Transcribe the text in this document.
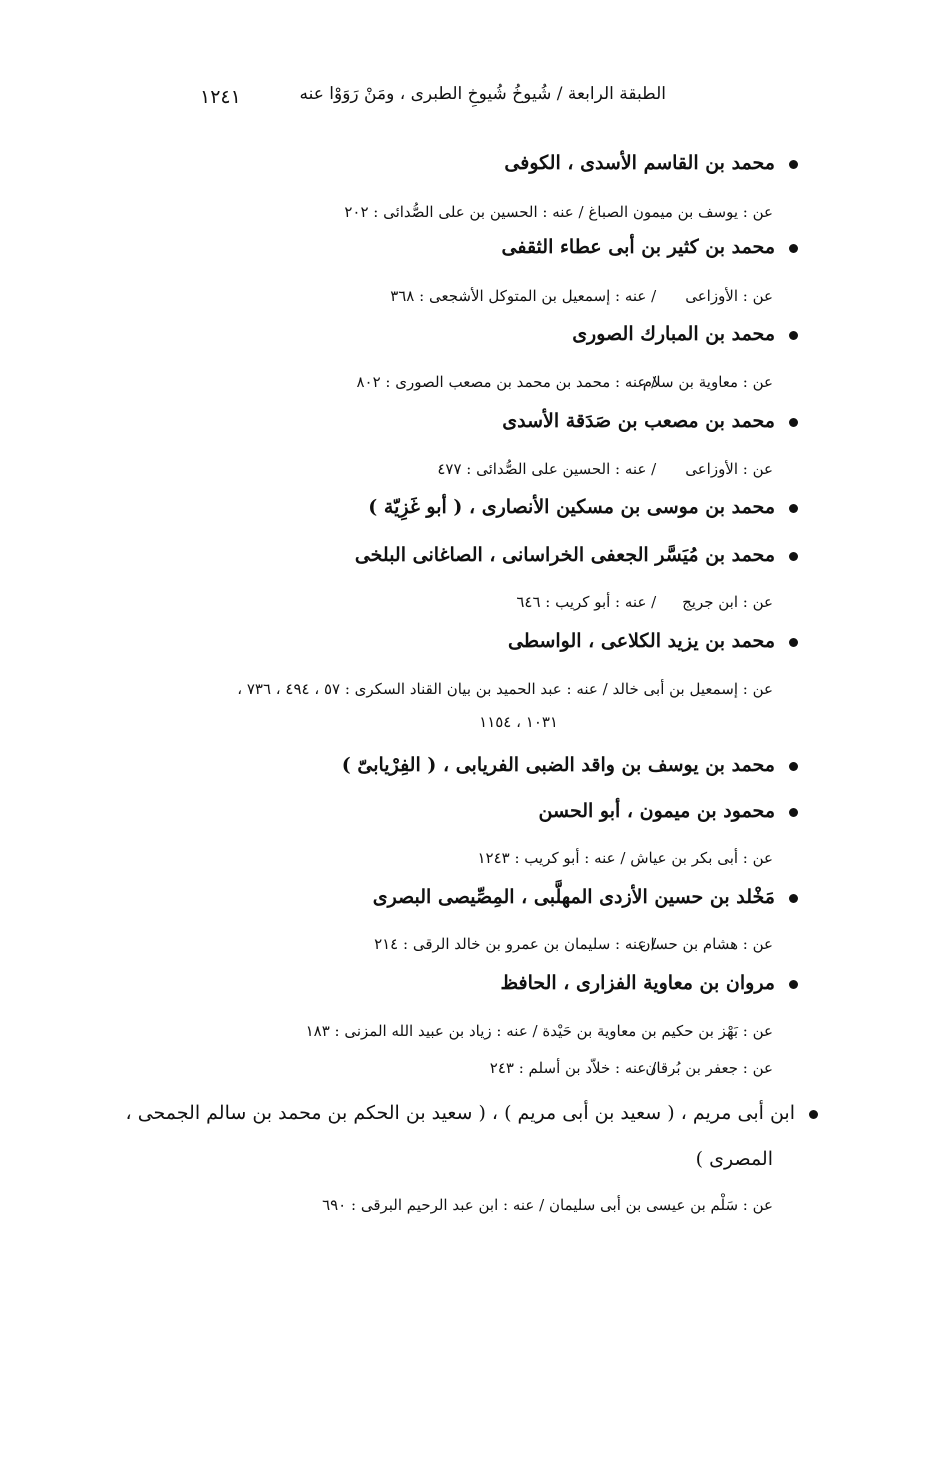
١٢٤١	الطبقة الرابعة / شُيوخُ شُيوخِ الطبرى ، ومَنْ رَوَوْا عنه
محمد بن القاسم الأسدى ، الكوفى
عن : يوسف بن ميمون الصباغ / عنه : الحسين بن على الصُّدائى : ٢٠٢
محمد بن كثير بن أبى عطاء الثقفى
عن : الأوزاعى / عنه : إسمعيل بن المتوكل الأشجعى : ٣٦٨
محمد بن المبارك الصورى
عن : معاوية بن سلام / عنه : محمد بن محمد بن مصعب الصورى : ٨٠٢
محمد بن مصعب بن صَدَقة الأسدى
عن : الأوزاعى / عنه : الحسين على الصُّدائى : ٤٧٧
محمد بن موسى بن مسكين الأنصارى ، ( أبو غَزِيّة )
محمد بن مُيَسَّر الجعفى الخراسانى ، الصاغانى البلخى
عن : ابن جريج / عنه : أبو كريب : ٦٤٦
محمد بن يزيد الكلاعى ، الواسطى
عن : إسمعيل بن أبى خالد / عنه : عبد الحميد بن بيان القناد السكرى : ٥٧ ، ٤٩٤ ، ٧٣٦ ،
١٠٣١ ، ١١٥٤
محمد بن يوسف بن واقد الضبى الفريابى ، ( الفِرْيابىّ )
محمود بن ميمون ، أبو الحسن
عن : أبى بكر بن عياش / عنه : أبو كريب : ١٢٤٣
مَخْلد بن حسين الأزدى المهلَّبى ، المِصِّيصى البصرى
عن : هشام بن حسان / عنه : سليمان بن عمرو بن خالد الرقى : ٢١٤
مروان بن معاوية الفزارى ، الحافظ
عن : بَهْز بن حكيم بن معاوية بن حَيْدة / عنه : زياد بن عبيد الله المزنى : ١٨٣
عن : جعفر بن بُرقان / عنه : خلاّد بن أسلم : ٢٤٣
ابن أبى مريم ، ( سعيد بن أبى مريم ) ، ( سعيد بن الحكم بن محمد بن سالم الجمحى ،
المصرى )
عن : سَلْم بن عيسى بن أبى سليمان / عنه : ابن عبد الرحيم البرقى : ٦٩٠
